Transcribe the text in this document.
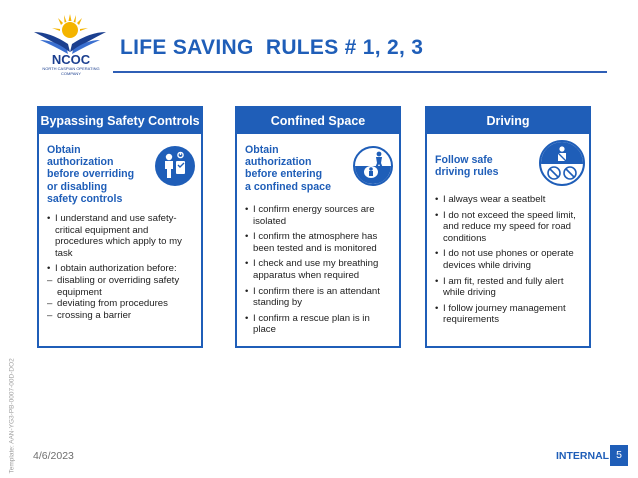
NCOC
NORTH CASPIAN OPERATING COMPANY
LIFE SAVING  RULES # 1, 2, 3
Template: AAN-YG3-PB-0007-00D-DO2
Bypassing Safety Controls
Obtain
authorization
before overriding
or disabling
safety controls
• I understand and use safety-critical equipment and procedures which apply to my task
• I obtain authorization before:
– disabling or overriding safety equipment
– deviating from procedures
– crossing a barrier
Confined Space
Obtain
authorization
before entering
a confined space
• I confirm energy sources are isolated
• I confirm the atmosphere has been tested and is monitored
• I check and use my breathing apparatus when required
• I confirm there is an attendant standing by
• I confirm a rescue plan is in place
Driving
Follow safe
driving rules
• I always wear a seatbelt
• I do not exceed the speed limit, and reduce my speed for road conditions
• I do not use phones or operate devices while driving
• I am fit, rested and fully alert while driving
• I follow journey management requirements
4/6/2023	INTERNAL 5
